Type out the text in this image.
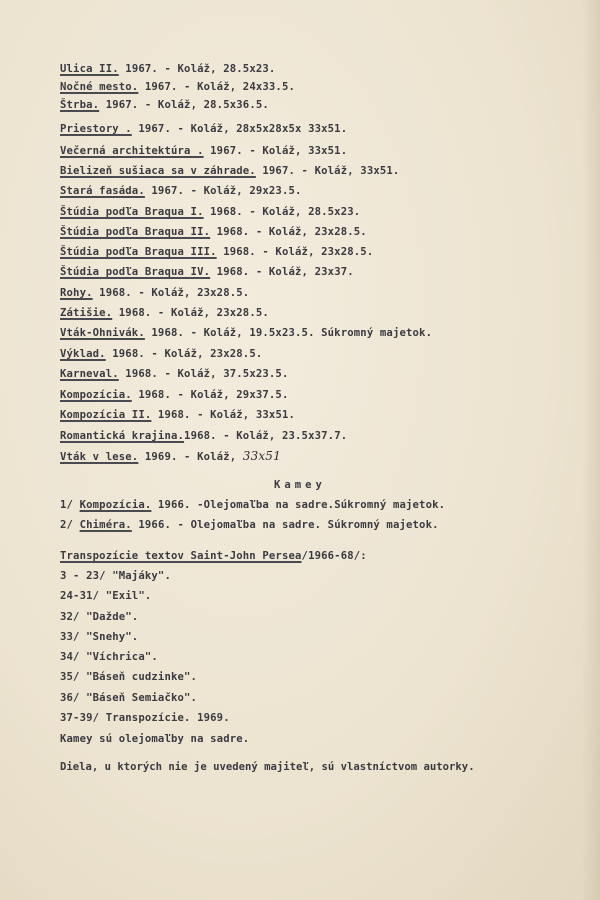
Ulica II. 1967. - Koláž, 28.5x23.
Nočné mesto. 1967. - Koláž, 24x33.5.
Štrba. 1967. - Koláž, 28.5x36.5.
Priestory . 1967. - Koláž, 28x5x28x5x 33x51.
Večerná architektúra . 1967. - Koláž, 33x51.
Bielizeň sušiaca sa v záhrade. 1967. - Koláž, 33x51.
Stará fasáda. 1967. - Koláž, 29x23.5.
Štúdia podľa Braqua I. 1968. - Koláž, 28.5x23.
Štúdia podľa Braqua II. 1968. - Koláž, 23x28.5.
Štúdia podľa Braqua III. 1968. - Koláž, 23x28.5.
Štúdia podľa Braqua IV. 1968. - Koláž, 23x37.
Rohy. 1968. - Koláž, 23x28.5.
Zátišie. 1968. - Koláž, 23x28.5.
Vták-Ohnivák. 1968. - Koláž, 19.5x23.5. Súkromný majetok.
Výklad. 1968. - Koláž, 23x28.5.
Karneval. 1968. - Koláž, 37.5x23.5.
Kompozícia. 1968. - Koláž, 29x37.5.
Kompozícia II. 1968. - Koláž, 33x51.
Romantická krajina.1968. - Koláž, 23.5x37.7.
Vták v lese. 1969. - Koláž, 33x51
Kamey
1/ Kompozícia. 1966. -Olejomaľba na sadre.Súkromný majetok.
2/ Chiméra. 1966. - Olejomaľba na sadre. Súkromný majetok.
Transpozície textov Saint-John Persea/1966-68/:
3 - 23/ "Majáky".
24-31/ "Exil".
32/ "Dažde".
33/ "Snehy".
34/ "Víchrica".
35/ "Báseň cudzinke".
36/ "Báseň Semiačko".
37-39/ Transpozície. 1969.
Kamey sú olejomaľby na sadre.
Diela, u ktorých nie je uvedený majiteľ, sú vlastníctvom autorky.
